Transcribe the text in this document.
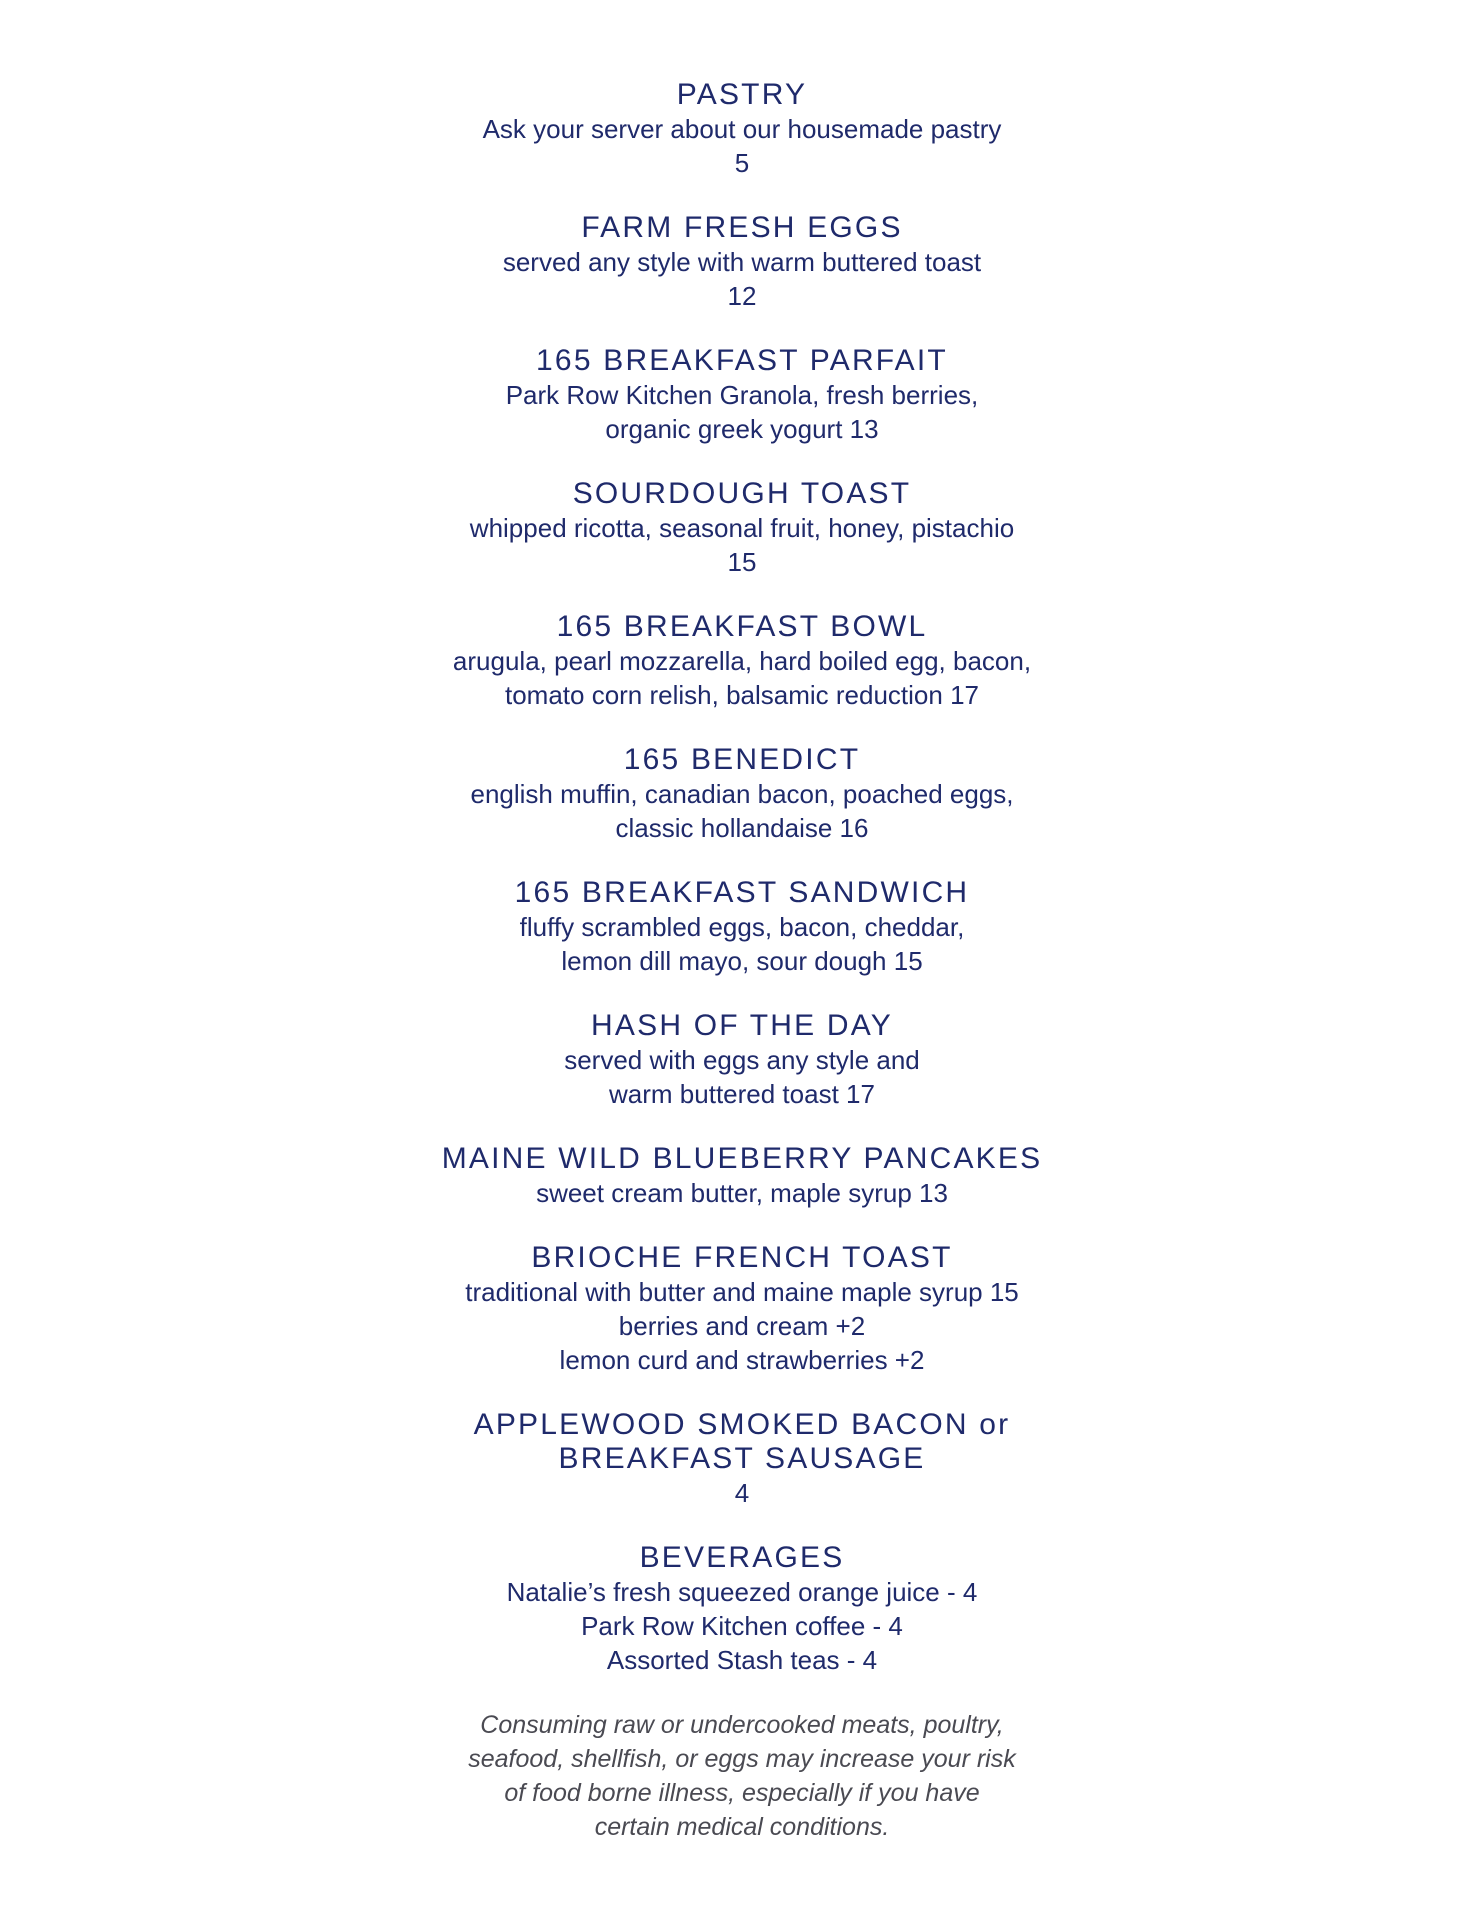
PASTRY
Ask your server about our housemade pastry
5
FARM FRESH EGGS
served any style with warm buttered toast
12
165 BREAKFAST PARFAIT
Park Row Kitchen Granola, fresh berries,
organic greek yogurt 13
SOURDOUGH TOAST
whipped ricotta, seasonal fruit, honey, pistachio
15
165 BREAKFAST BOWL
arugula, pearl mozzarella, hard boiled egg, bacon,
tomato corn relish, balsamic reduction 17
165 BENEDICT
english muffin, canadian bacon, poached eggs,
classic hollandaise 16
165 BREAKFAST SANDWICH
fluffy scrambled eggs, bacon, cheddar,
lemon dill mayo, sour dough 15
HASH OF THE DAY
served with eggs any style and
warm buttered toast 17
MAINE WILD BLUEBERRY PANCAKES
sweet cream butter, maple syrup 13
BRIOCHE FRENCH TOAST
traditional with butter and maine maple syrup 15
berries and cream +2
lemon curd and strawberries +2
APPLEWOOD SMOKED BACON or
BREAKFAST SAUSAGE
4
BEVERAGES
Natalie’s fresh squeezed orange juice - 4
Park Row Kitchen coffee - 4
Assorted Stash teas - 4
Consuming raw or undercooked meats, poultry,
seafood, shellfish, or eggs may increase your risk
of food borne illness, especially if you have
certain medical conditions.
